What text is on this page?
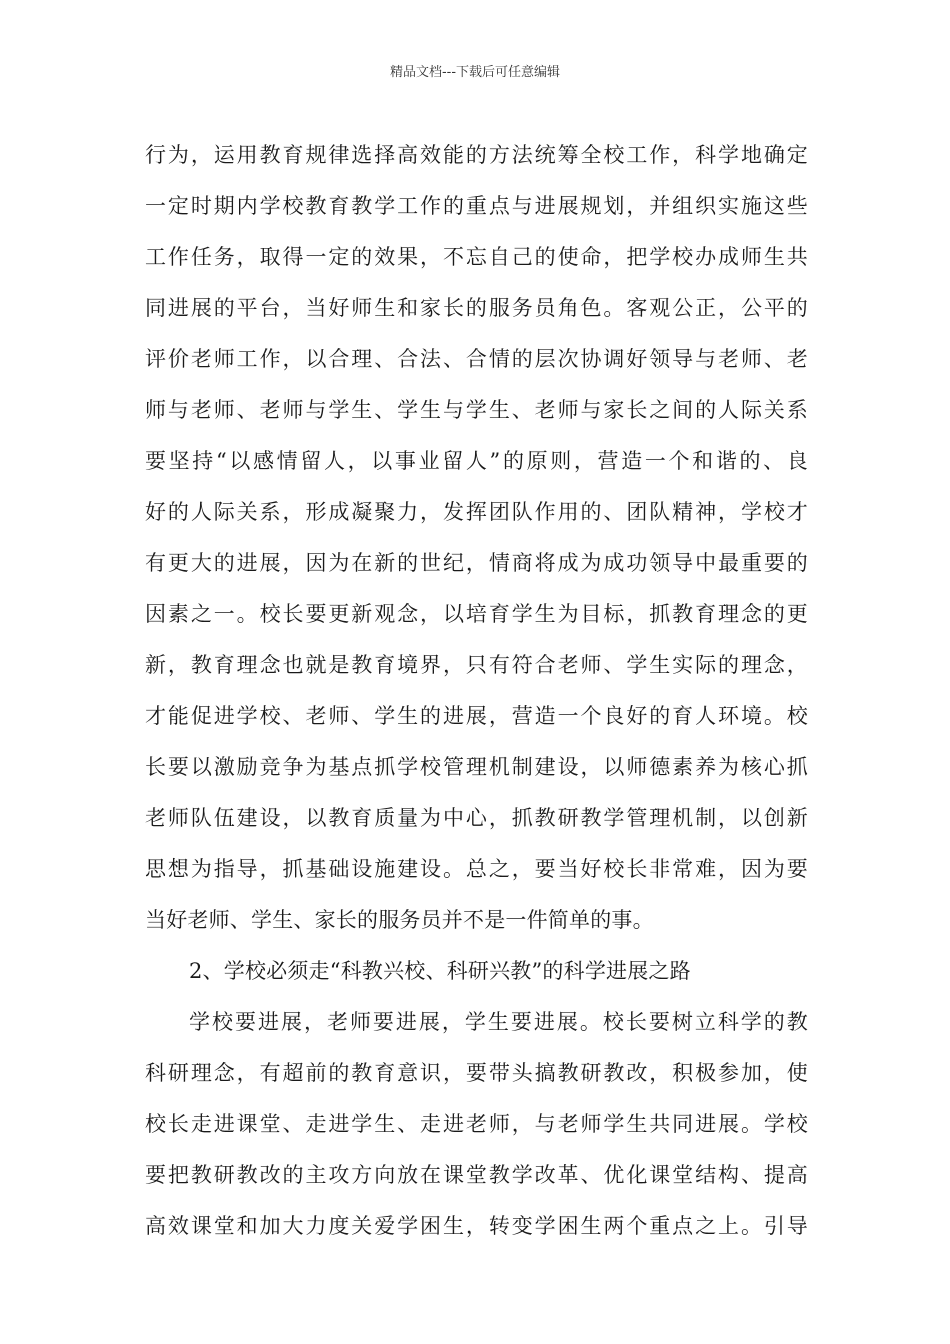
精品文档---下载后可任意编辑
行为，运用教育规律选择高效能的方法统筹全校工作，科学地确定
一定时期内学校教育教学工作的重点与进展规划，并组织实施这些
工作任务，取得一定的效果，不忘自己的使命，把学校办成师生共
同进展的平台，当好师生和家长的服务员角色。客观公正，公平的
评价老师工作，以合理、合法、合情的层次协调好领导与老师、老
师与老师、老师与学生、学生与学生、老师与家长之间的人际关系
要坚持“以感情留人，以事业留人”的原则，营造一个和谐的、良
好的人际关系，形成凝聚力，发挥团队作用的、团队精神，学校才
有更大的进展，因为在新的世纪，情商将成为成功领导中最重要的
因素之一。校长要更新观念，以培育学生为目标，抓教育理念的更
新，教育理念也就是教育境界，只有符合老师、学生实际的理念，
才能促进学校、老师、学生的进展，营造一个良好的育人环境。校
长要以激励竞争为基点抓学校管理机制建设，以师德素养为核心抓
老师队伍建设，以教育质量为中心，抓教研教学管理机制，以创新
思想为指导，抓基础设施建设。总之，要当好校长非常难，因为要
当好老师、学生、家长的服务员并不是一件简单的事。
2、学校必须走“科教兴校、科研兴教”的科学进展之路
学校要进展，老师要进展，学生要进展。校长要树立科学的教
科研理念，有超前的教育意识，要带头搞教研教改，积极参加，使
校长走进课堂、走进学生、走进老师，与老师学生共同进展。学校
要把教研教改的主攻方向放在课堂教学改革、优化课堂结构、提高
高效课堂和加大力度关爱学困生，转变学困生两个重点之上。引导
